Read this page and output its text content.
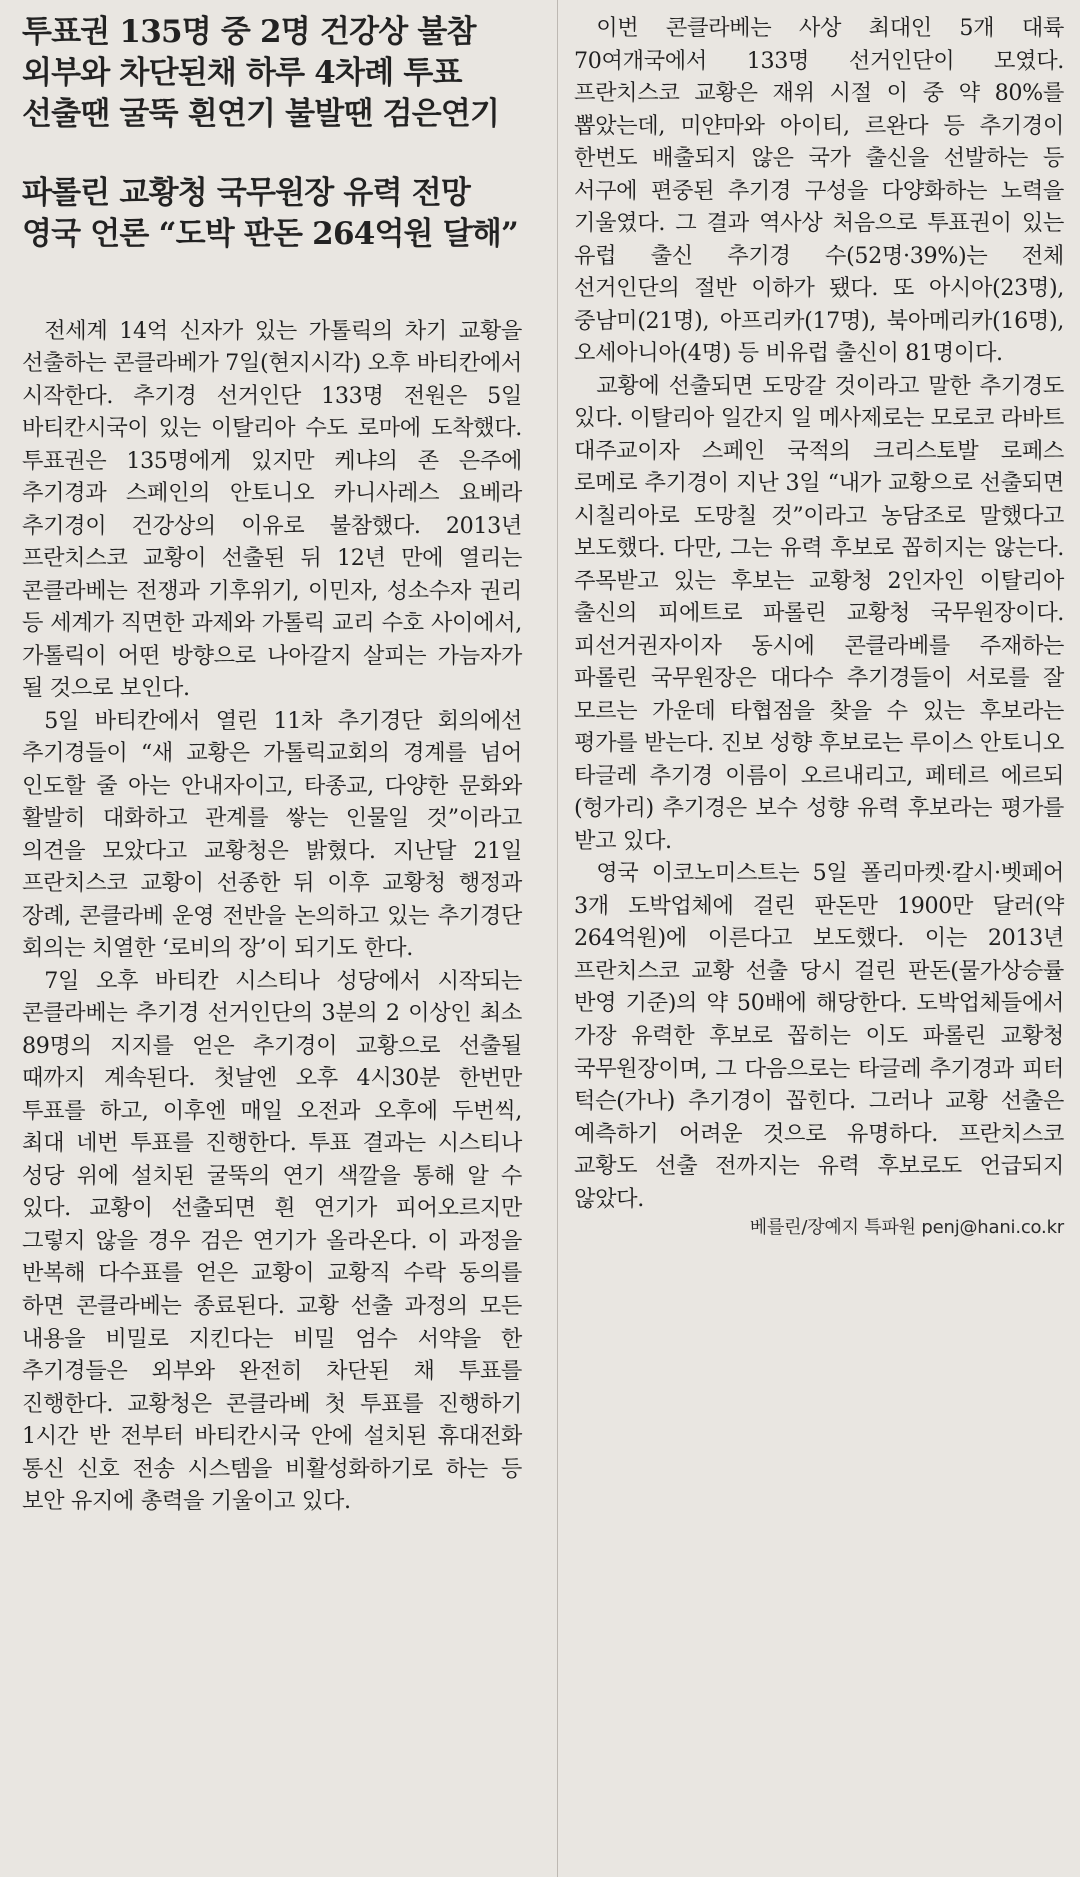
투표권 135명 중 2명 건강상 불참
외부와 차단된채 하루 4차례 투표
선출땐 굴뚝 흰연기 불발땐 검은연기
파롤린 교황청 국무원장 유력 전망
영국 언론 “도박 판돈 264억원 달해”

전세계 14억 신자가 있는 가톨릭의 차기 교황을 선출하는 콘클라베가 7일(현지시각) 오후 바티칸에서 시작한다. 추기경 선거인단 133명 전원은 5일 바티칸시국이 있는 이탈리아 수도 로마에 도착했다. 투표권은 135명에게 있지만 케냐의 존 은주에 추기경과 스페인의 안토니오 카니사레스 요베라 추기경이 건강상의 이유로 불참했다. 2013년 프란치스코 교황이 선출된 뒤 12년 만에 열리는 콘클라베는 전쟁과 기후위기, 이민자, 성소수자 권리 등 세계가 직면한 과제와 가톨릭 교리 수호 사이에서, 가톨릭이 어떤 방향으로 나아갈지 살피는 가늠자가 될 것으로 보인다.

5일 바티칸에서 열린 11차 추기경단 회의에선 추기경들이 “새 교황은 가톨릭교회의 경계를 넘어 인도할 줄 아는 안내자이고, 타종교, 다양한 문화와 활발히 대화하고 관계를 쌓는 인물일 것”이라고 의견을 모았다고 교황청은 밝혔다. 지난달 21일 프란치스코 교황이 선종한 뒤 이후 교황청 행정과 장례, 콘클라베 운영 전반을 논의하고 있는 추기경단 회의는 치열한 ‘로비의 장’이 되기도 한다.

7일 오후 바티칸 시스티나 성당에서 시작되는 콘클라베는 추기경 선거인단의 3분의 2 이상인 최소 89명의 지지를 얻은 추기경이 교황으로 선출될 때까지 계속된다. 첫날엔 오후 4시30분 한번만 투표를 하고, 이후엔 매일 오전과 오후에 두번씩, 최대 네번 투표를 진행한다. 투표 결과는 시스티나 성당 위에 설치된 굴뚝의 연기 색깔을 통해 알 수 있다. 교황이 선출되면 흰 연기가 피어오르지만 그렇지 않을 경우 검은 연기가 올라온다. 이 과정을 반복해 다수표를 얻은 교황이 교황직 수락 동의를 하면 콘클라베는 종료된다. 교황 선출 과정의 모든 내용을 비밀로 지킨다는 비밀 엄수 서약을 한 추기경들은 외부와 완전히 차단된 채 투표를 진행한다. 교황청은 콘클라베 첫 투표를 진행하기 1시간 반 전부터 바티칸시국 안에 설치된 휴대전화 통신 신호 전송 시스템을 비활성화하기로 하는 등 보안 유지에 총력을 기울이고 있다.

이번 콘클라베는 사상 최대인 5개 대륙 70여개국에서 133명 선거인단이 모였다. 프란치스코 교황은 재위 시절 이 중 약 80%를 뽑았는데, 미얀마와 아이티, 르완다 등 추기경이 한번도 배출되지 않은 국가 출신을 선발하는 등 서구에 편중된 추기경 구성을 다양화하는 노력을 기울였다. 그 결과 역사상 처음으로 투표권이 있는 유럽 출신 추기경 수(52명·39%)는 전체 선거인단의 절반 이하가 됐다. 또 아시아(23명), 중남미(21명), 아프리카(17명), 북아메리카(16명), 오세아니아(4명) 등 비유럽 출신이 81명이다.

교황에 선출되면 도망갈 것이라고 말한 추기경도 있다. 이탈리아 일간지 일 메사제로는 모로코 라바트 대주교이자 스페인 국적의 크리스토발 로페스 로메로 추기경이 지난 3일 “내가 교황으로 선출되면 시칠리아로 도망칠 것”이라고 농담조로 말했다고 보도했다. 다만, 그는 유력 후보로 꼽히지는 않는다. 주목받고 있는 후보는 교황청 2인자인 이탈리아 출신의 피에트로 파롤린 교황청 국무원장이다. 피선거권자이자 동시에 콘클라베를 주재하는 파롤린 국무원장은 대다수 추기경들이 서로를 잘 모르는 가운데 타협점을 찾을 수 있는 후보라는 평가를 받는다. 진보 성향 후보로는 루이스 안토니오 타글레 추기경 이름이 오르내리고, 페테르 에르되(헝가리) 추기경은 보수 성향 유력 후보라는 평가를 받고 있다.

영국 이코노미스트는 5일 폴리마켓·칼시·벳페어 3개 도박업체에 걸린 판돈만 1900만 달러(약 264억원)에 이른다고 보도했다. 이는 2013년 프란치스코 교황 선출 당시 걸린 판돈(물가상승률 반영 기준)의 약 50배에 해당한다. 도박업체들에서 가장 유력한 후보로 꼽히는 이도 파롤린 교황청 국무원장이며, 그 다음으로는 타글레 추기경과 피터 턱슨(가나) 추기경이 꼽힌다. 그러나 교황 선출은 예측하기 어려운 것으로 유명하다. 프란치스코 교황도 선출 전까지는 유력 후보로도 언급되지 않았다.

베를린/장예지 특파원 penj@hani.co.kr
